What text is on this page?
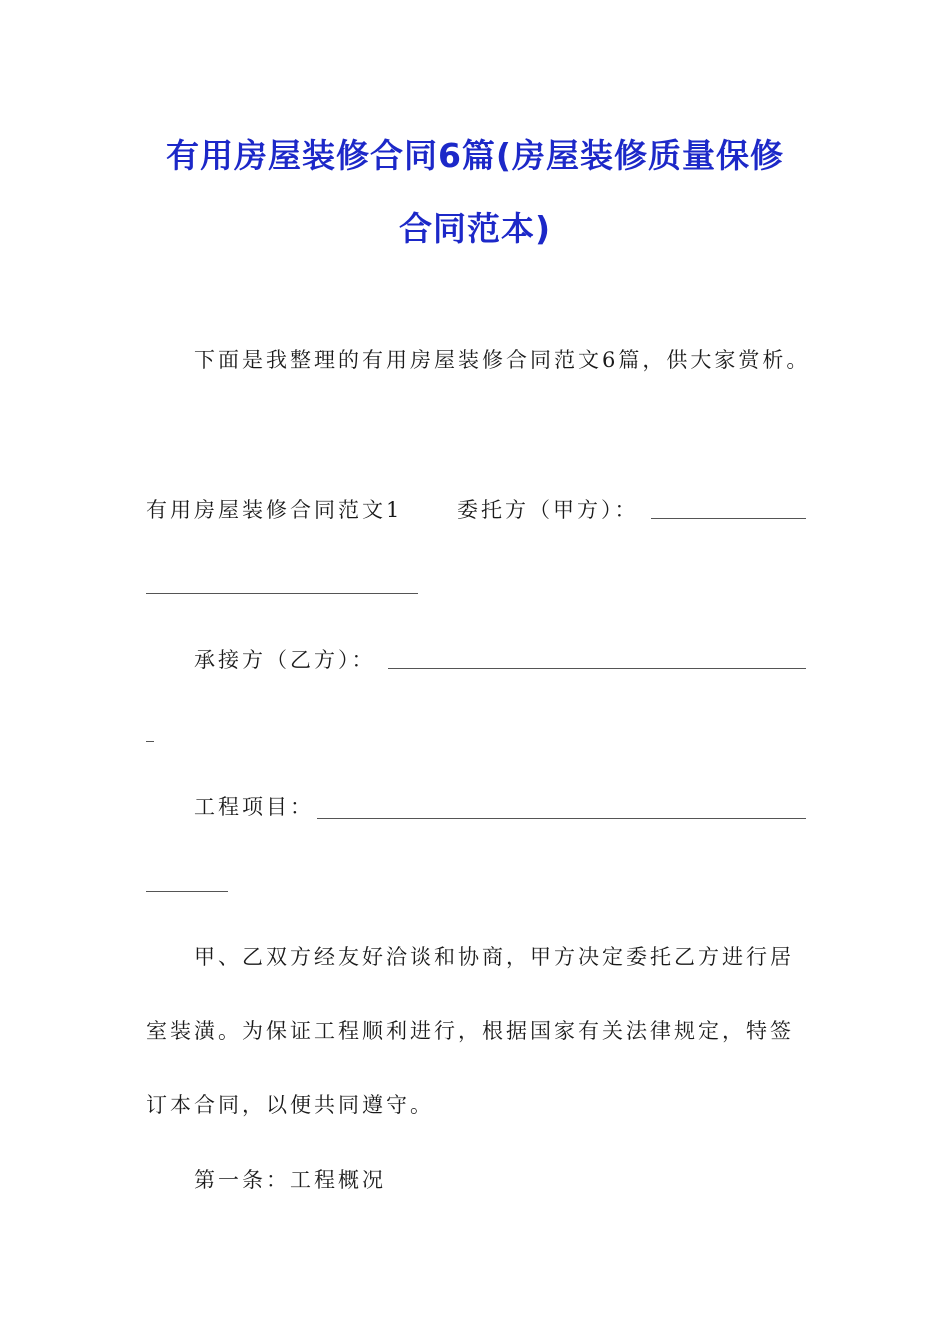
有用房屋装修合同6篇(房屋装修质量保修
合同范本)
下面是我整理的有用房屋装修合同范文6篇，供大家赏析。
有用房屋装修合同范文1	委托方（甲方）：
承接方（乙方）：
工程项目：
甲、乙双方经友好洽谈和协商，甲方决定委托乙方进行居
室装潢。为保证工程顺利进行，根据国家有关法律规定，特签
订本合同，以便共同遵守。
第一条：工程概况
